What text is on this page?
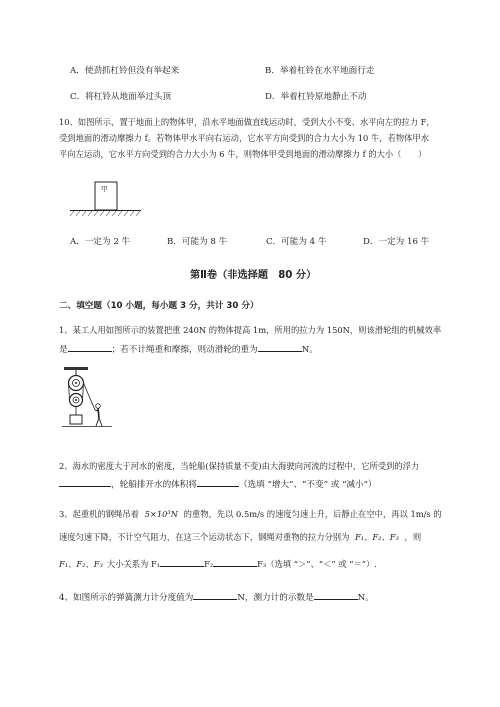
A．使劲抓杠铃但没有举起来	B．举着杠铃在水平地面行走
C．将杠铃从地面举过头顶	D．举着杠铃原地静止不动
10、如图所示，置于地面上的物体甲，沿水平地面做直线运动时，受到大小不变、水平向左的拉力 F，
受到地面的滑动摩擦力 f。若物体甲水平向右运动，它水平方向受到的合力大小为 10 牛，若物体甲水
平向左运动，它水平方向受到的合力大小为 6 牛，则物体甲受到地面的滑动摩擦力 f 的大小（　　）
甲
A．一定为 2 牛	B．可能为 8 牛	C．可能为 4 牛	D．一定为 16 牛
第Ⅱ卷（非选择题　80 分）
二、填空题（10 小题，每小题 3 分，共计 30 分）
1、某工人用如图所示的装置把重 240N 的物体提高 1m，所用的拉力为 150N，则该滑轮组的机械效率
是	；若不计绳重和摩擦，则动滑轮的重为	N。
2、海水的密度大于河水的密度，当轮船(保持质量不变)由大海驶向河流的过程中，它所受到的浮力
，轮船排开水的体积将	（选填 “增大”、“不变” 或 “减小”）
3、起重机的钢绳吊着 5×10³N 的重物，先以 0.5m/s 的速度匀速上升，后静止在空中，再以 1m/s 的
速度匀速下降，不计空气阻力，在这三个运动状态下，钢绳对重物的拉力分别为 F₁、F₂、F₃ ，则
F₁、F₂、F₃ 大小关系为 F₁	F₂	F₃（选填 “＞”、“＜” 或 “＝”）.
4、如图所示的弹簧测力计分度值为	N，测力计的示数是	N。
